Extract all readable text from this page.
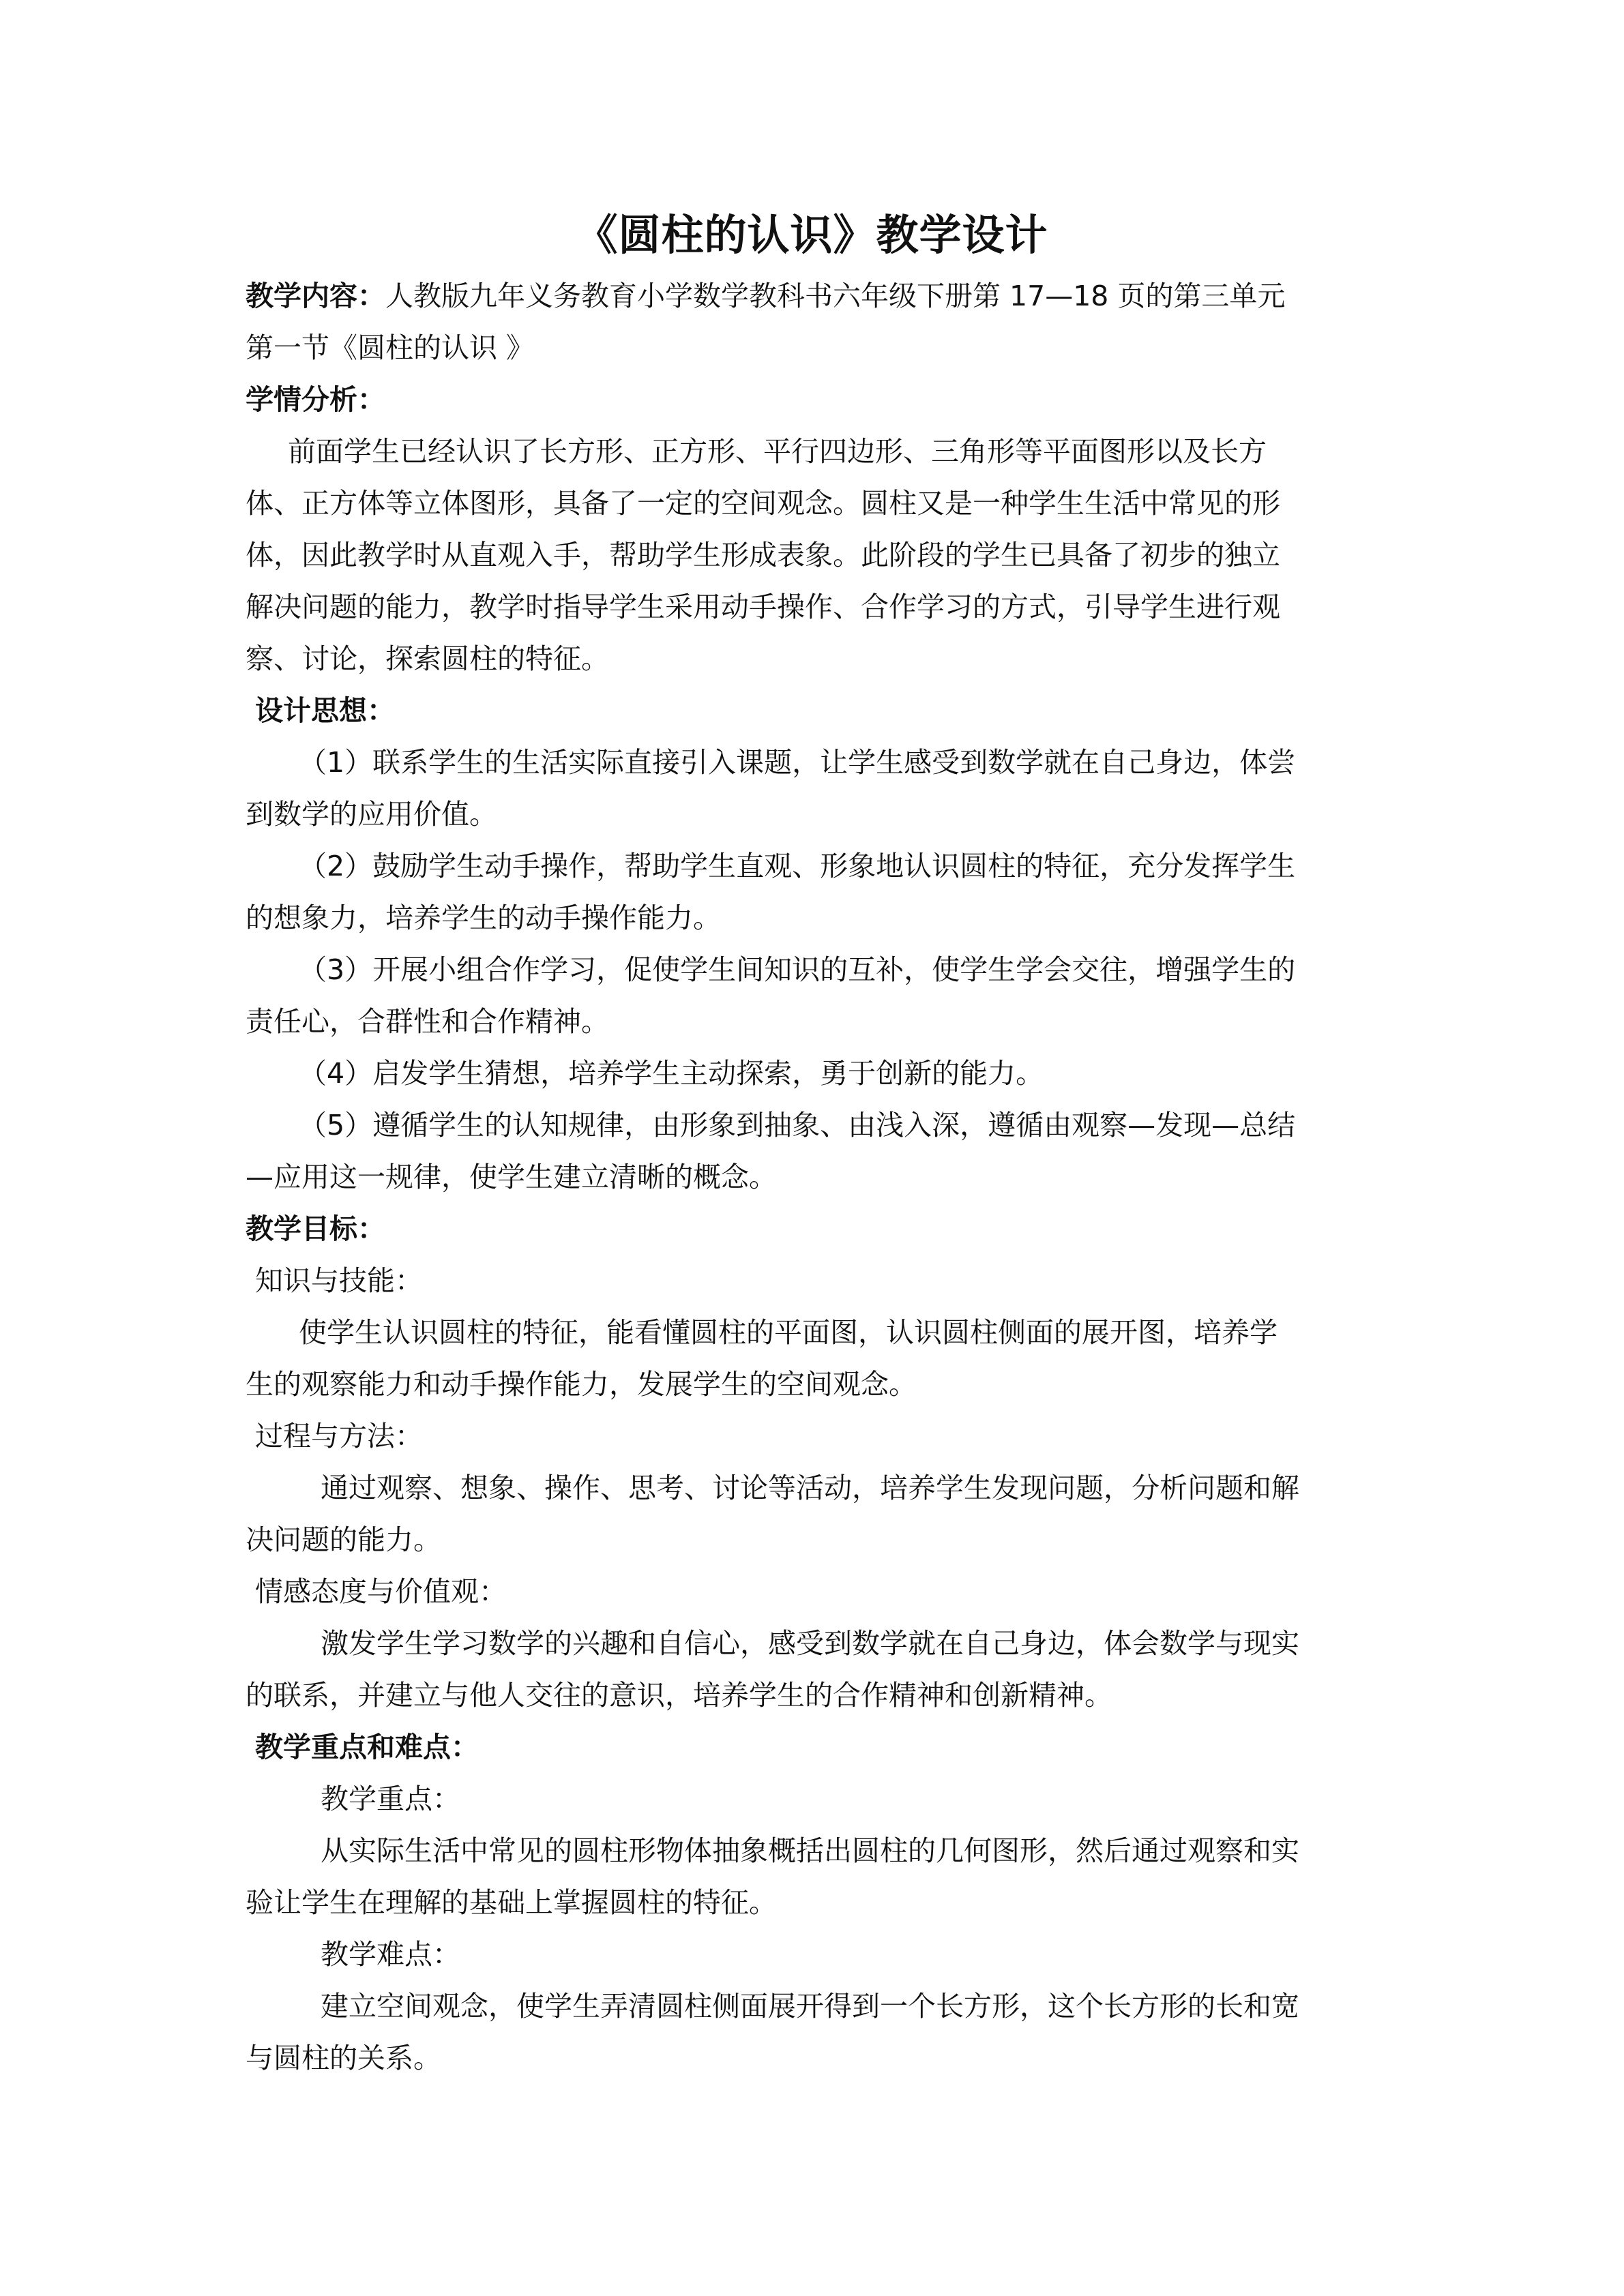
《圆柱的认识》教学设计

教学内容：人教版九年义务教育小学数学教科书六年级下册第 17—18 页的第三单元

第一节《圆柱的认识 》

学情分析：

前面学生已经认识了长方形、正方形、平行四边形、三角形等平面图形以及长方

体、正方体等立体图形，具备了一定的空间观念。圆柱又是一种学生生活中常见的形

体，因此教学时从直观入手，帮助学生形成表象。此阶段的学生已具备了初步的独立

解决问题的能力，教学时指导学生采用动手操作、合作学习的方式，引导学生进行观

察、讨论，探索圆柱的特征。

设计思想：

（1）联系学生的生活实际直接引入课题，让学生感受到数学就在自己身边，体尝

到数学的应用价值。

（2）鼓励学生动手操作，帮助学生直观、形象地认识圆柱的特征，充分发挥学生

的想象力，培养学生的动手操作能力。

（3）开展小组合作学习，促使学生间知识的互补，使学生学会交往，增强学生的

责任心，合群性和合作精神。

（4）启发学生猜想，培养学生主动探索，勇于创新的能力。

（5）遵循学生的认知规律，由形象到抽象、由浅入深，遵循由观察—发现—总结

—应用这一规律，使学生建立清晰的概念。

教学目标：

知识与技能：

使学生认识圆柱的特征，能看懂圆柱的平面图，认识圆柱侧面的展开图，培养学

生的观察能力和动手操作能力，发展学生的空间观念。

过程与方法：

通过观察、想象、操作、思考、讨论等活动，培养学生发现问题，分析问题和解

决问题的能力。

情感态度与价值观：

激发学生学习数学的兴趣和自信心，感受到数学就在自己身边，体会数学与现实

的联系，并建立与他人交往的意识，培养学生的合作精神和创新精神。

教学重点和难点：

教学重点：

从实际生活中常见的圆柱形物体抽象概括出圆柱的几何图形，然后通过观察和实

验让学生在理解的基础上掌握圆柱的特征。

教学难点：

建立空间观念，使学生弄清圆柱侧面展开得到一个长方形，这个长方形的长和宽

与圆柱的关系。
